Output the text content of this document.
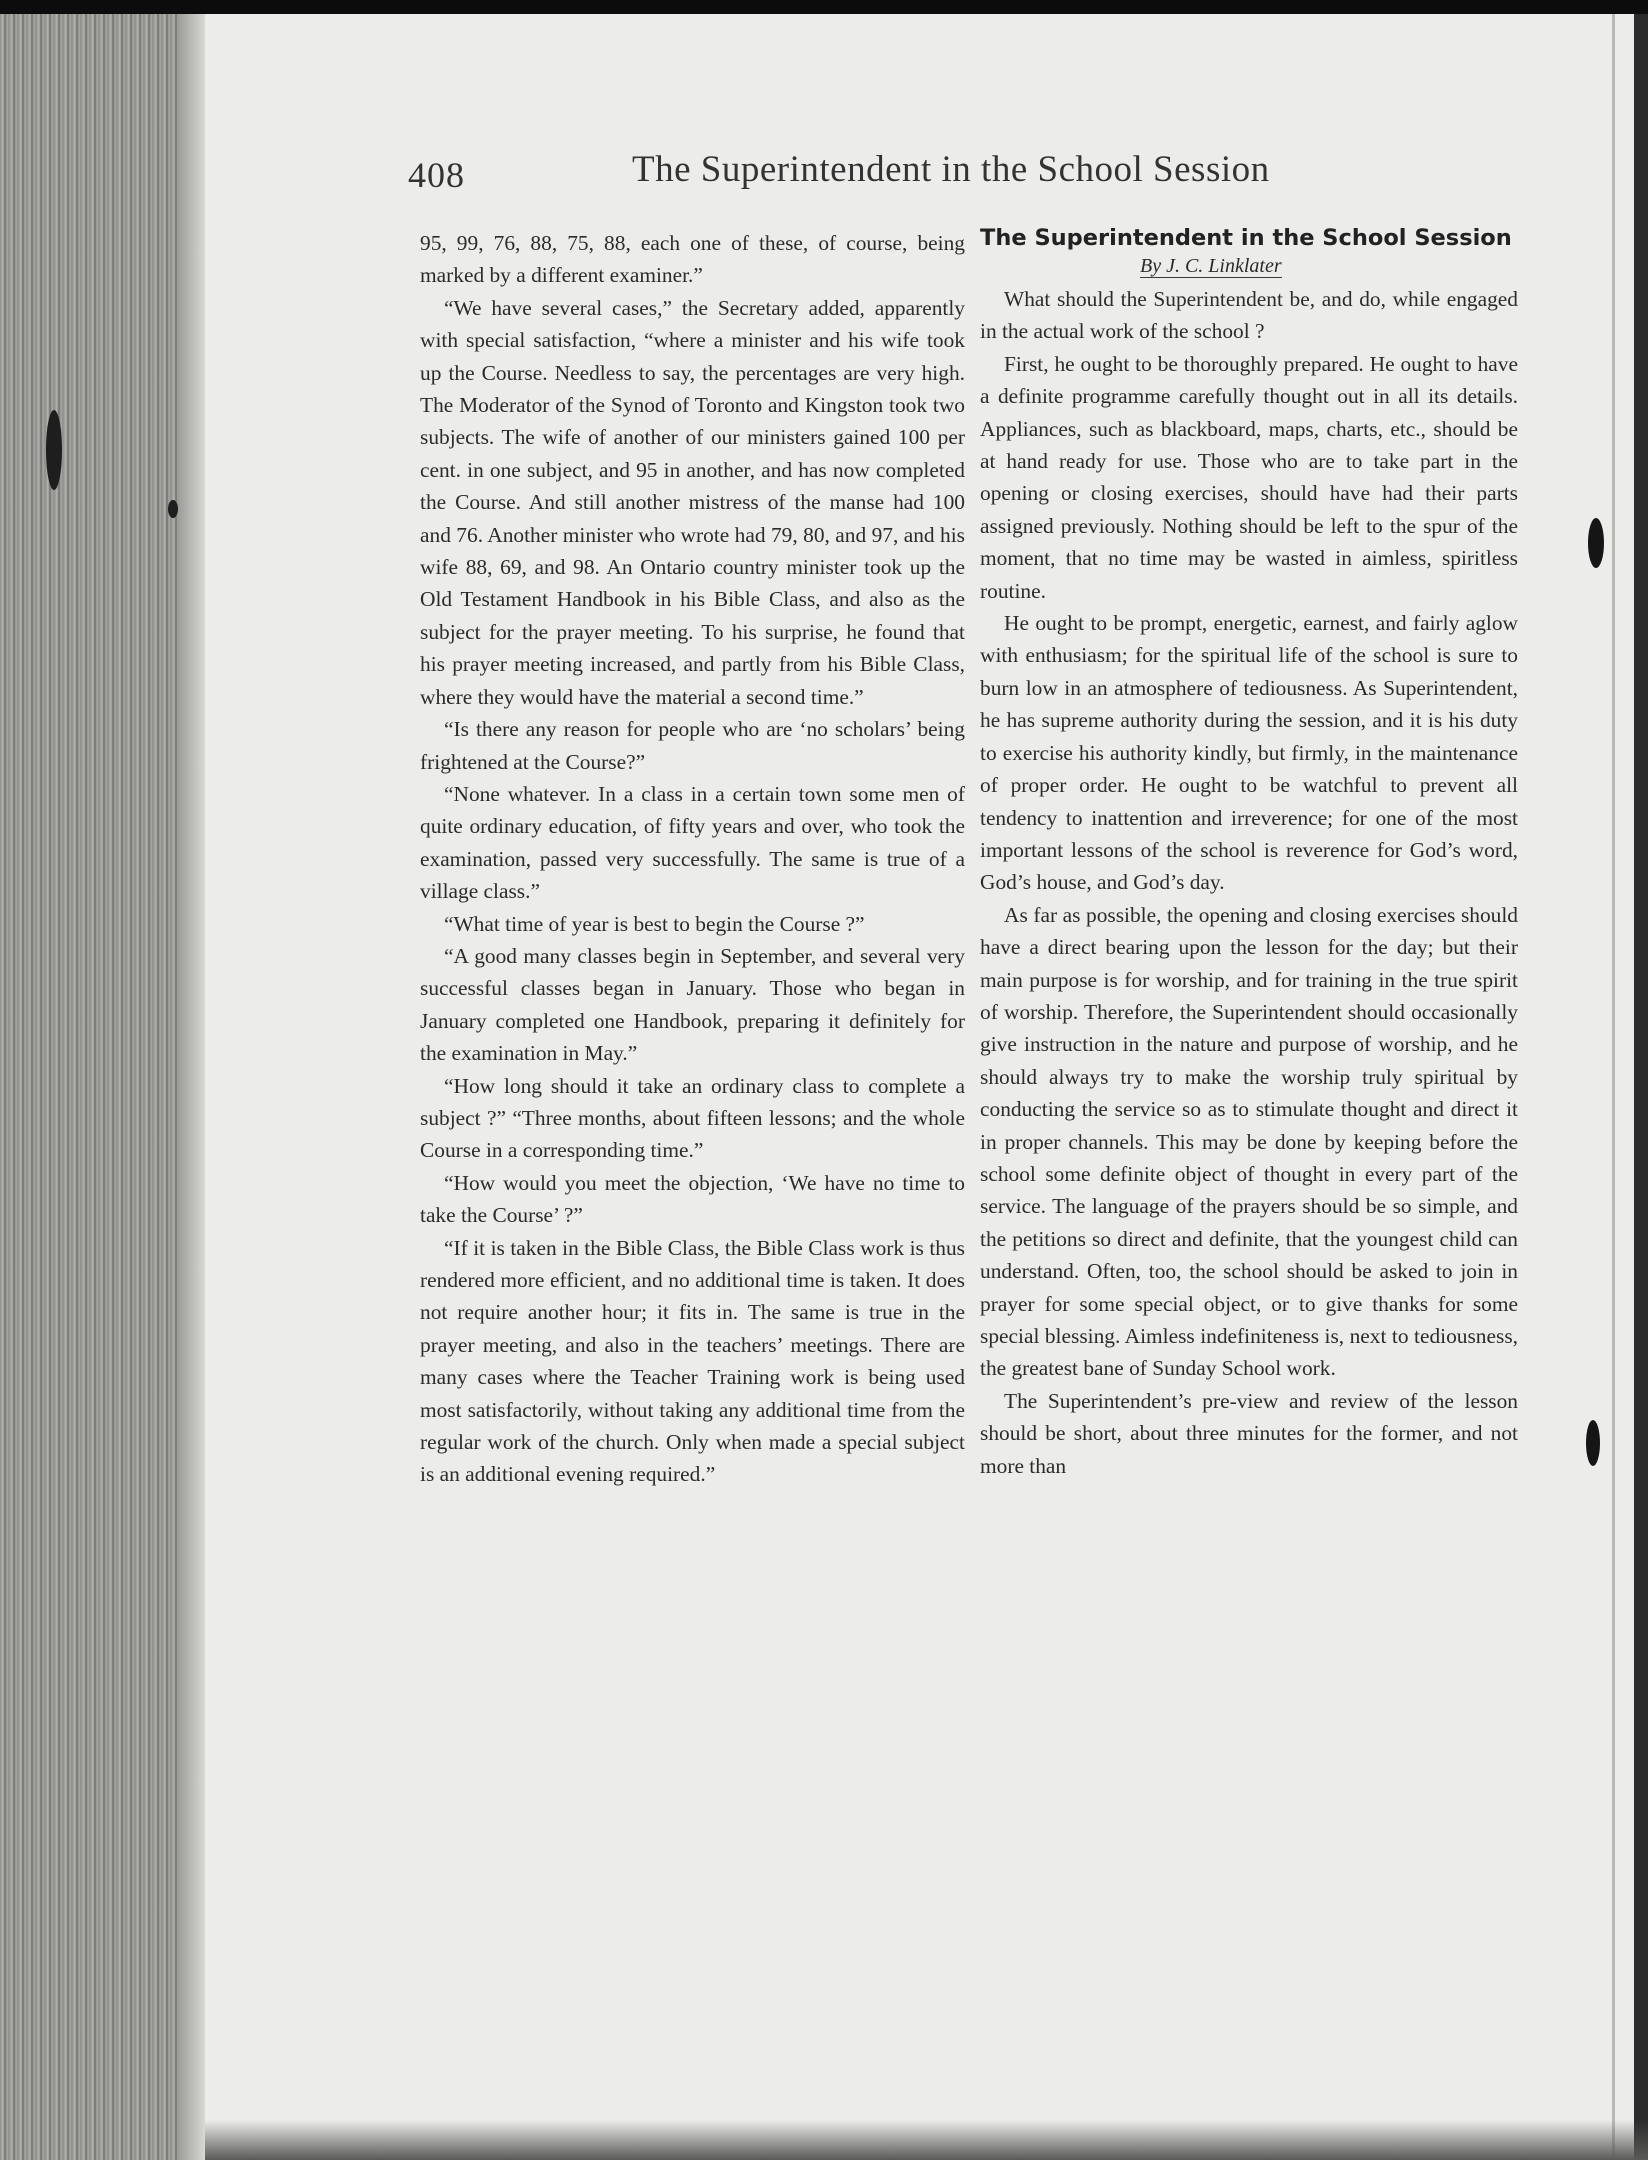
408	The Superintendent in the School Session

95, 99, 76, 88, 75, 88, each one of these, of course, being marked by a different examiner.”

“We have several cases,” the Secretary added, apparently with special satisfaction, “where a minister and his wife took up the Course. Needless to say, the percentages are very high. The Moderator of the Synod of Toronto and Kingston took two subjects. The wife of another of our ministers gained 100 per cent. in one subject, and 95 in another, and has now completed the Course. And still another mistress of the manse had 100 and 76. Another minister who wrote had 79, 80, and 97, and his wife 88, 69, and 98. An Ontario country minister took up the Old Testament Handbook in his Bible Class, and also as the subject for the prayer meeting. To his surprise, he found that his prayer meeting increased, and partly from his Bible Class, where they would have the material a second time.”

“Is there any reason for people who are ‘no scholars’ being frightened at the Course?”

“None whatever. In a class in a certain town some men of quite ordinary education, of fifty years and over, who took the examination, passed very successfully. The same is true of a village class.”

“What time of year is best to begin the Course ?”

“A good many classes begin in September, and several very successful classes began in January. Those who began in January completed one Handbook, preparing it definitely for the examination in May.”

“How long should it take an ordinary class to complete a subject ?” “Three months, about fifteen lessons; and the whole Course in a corresponding time.”

“How would you meet the objection, ‘We have no time to take the Course’ ?”

“If it is taken in the Bible Class, the Bible Class work is thus rendered more efficient, and no additional time is taken. It does not require another hour; it fits in. The same is true in the prayer meeting, and also in the teachers’ meetings. There are many cases where the Teacher Training work is being used most satisfactorily, without taking any additional time from the regular work of the church. Only when made a special subject is an additional evening required.”

The Superintendent in the School Session
By J. C. Linklater

What should the Superintendent be, and do, while engaged in the actual work of the school ?

First, he ought to be thoroughly prepared. He ought to have a definite programme carefully thought out in all its details. Appliances, such as blackboard, maps, charts, etc., should be at hand ready for use. Those who are to take part in the opening or closing exercises, should have had their parts assigned previously. Nothing should be left to the spur of the moment, that no time may be wasted in aimless, spiritless routine.

He ought to be prompt, energetic, earnest, and fairly aglow with enthusiasm; for the spiritual life of the school is sure to burn low in an atmosphere of tediousness. As Superintendent, he has supreme authority during the session, and it is his duty to exercise his authority kindly, but firmly, in the maintenance of proper order. He ought to be watchful to prevent all tendency to inattention and irreverence; for one of the most important lessons of the school is reverence for God’s word, God’s house, and God’s day.

As far as possible, the opening and closing exercises should have a direct bearing upon the lesson for the day; but their main purpose is for worship, and for training in the true spirit of worship. Therefore, the Superintendent should occasionally give instruction in the nature and purpose of worship, and he should always try to make the worship truly spiritual by conducting the service so as to stimulate thought and direct it in proper channels. This may be done by keeping before the school some definite object of thought in every part of the service. The language of the prayers should be so simple, and the petitions so direct and definite, that the youngest child can understand. Often, too, the school should be asked to join in prayer for some special object, or to give thanks for some special blessing. Aimless indefiniteness is, next to tediousness, the greatest bane of Sunday School work.

The Superintendent’s pre-view and review of the lesson should be short, about three minutes for the former, and not more than
